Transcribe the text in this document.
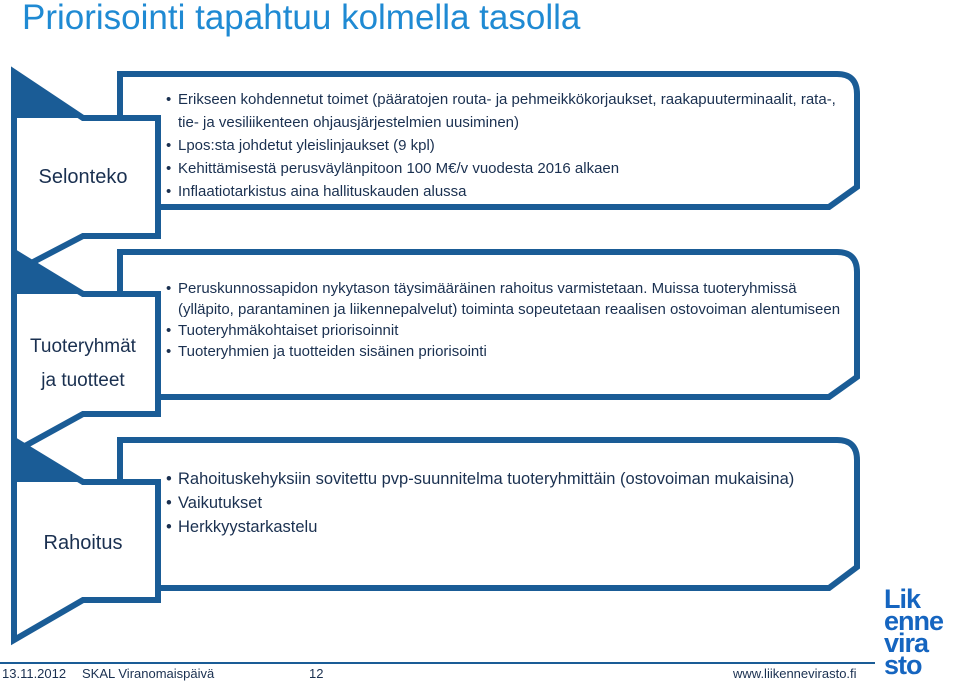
Priorisointi tapahtuu kolmella tasolla
Selonteko
• Erikseen kohdennetut toimet (pääratojen routa- ja pehmeikkökorjaukset, raakapuuterminaalit, rata-, tie- ja vesiliikenteen ohjausjärjestelmien uusiminen)
• Lpos:sta johdetut yleislinjaukset (9 kpl)
• Kehittämisestä perusväylänpitoon 100 M€/v vuodesta 2016 alkaen
• Inflaatiotarkistus aina hallituskauden alussa
Tuoteryhmät
ja tuotteet
• Peruskunnossapidon nykytason täysimääräinen rahoitus varmistetaan. Muissa tuoteryhmissä (ylläpito, parantaminen ja liikennepalvelut) toiminta sopeutetaan reaalisen ostovoiman alentumiseen
• Tuoteryhmäkohtaiset priorisoinnit
• Tuoteryhmien ja tuotteiden sisäinen priorisointi
Rahoitus
• Rahoituskehyksiin sovitettu pvp-suunnitelma tuoteryhmittäin (ostovoiman mukaisina)
• Vaikutukset
• Herkkyystarkastelu
13.11.2012 SKAL Viranomaispäivä	12	www.liikennevirasto.fi
Lik
enne
vira
sto
